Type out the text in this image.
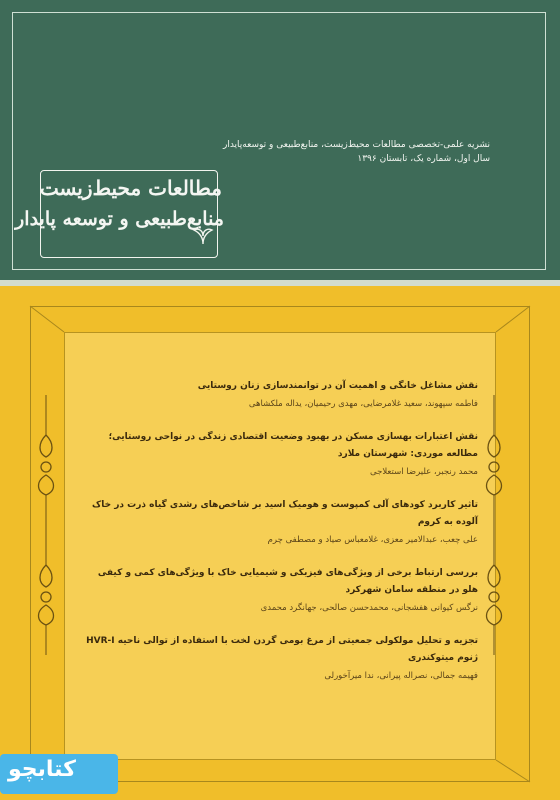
نشریه علمی-تخصصی مطالعات محیط‌زیست، منابع‌طبیعی و توسعه‌پایدار
سال اول، شماره یک، تابستان ۱۳۹۶
مطالعات محیط‌زیست
منابع‌طبیعی و توسعه پایدار
نقش مشاغل خانگی و اهمیت آن در توانمندسازی زنان روستایی
فاطمه سپهوند، سعید غلامرضایی، مهدی رحیمیان، یداله ملکشاهی
نقش اعتبارات بهسازی مسکن در بهبود وضعیت اقتصادی زندگی در نواحی روستایی؛ مطالعه موردی: شهرستان ملارد
محمد رنجبر، علیرضا استعلاجی
تاثیر کاربرد کودهای آلی کمپوست و هومیک اسید بر شاخص‌های رشدی گیاه ذرت در خاک آلوده به کروم
علی چعب، عبدالامیر معزی، غلامعباس صیاد و مصطفی چرم
بررسی ارتباط برخی از ویژگی‌های فیزیکی و شیمیایی خاک با ویژگی‌های کمی و کیفی هلو در منطقه سامان شهرکرد
نرگس کیوانی هفشجانی، محمدحسن صالحی، جهانگرد محمدی
تجزیه و تحلیل مولکولی جمعیتی از مرغ بومی گردن لخت با استفاده از توالی ناحیه HVR-I ژنوم میتوکندری
فهیمه جمالی، نصراله پیرانی، ندا میرآخورلی
کتابچو
